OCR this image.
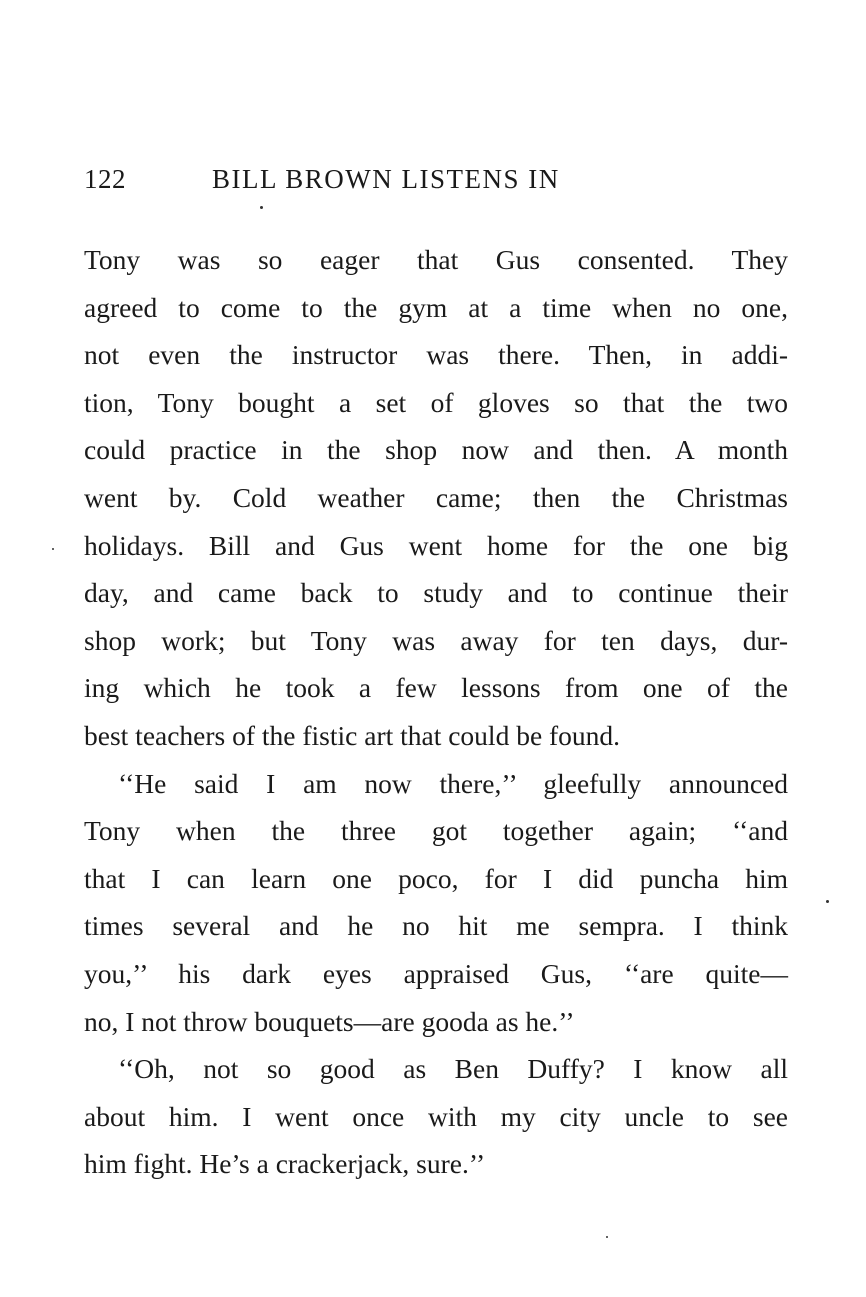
122	BILL BROWN LISTENS IN
Tony was so eager that Gus consented. They
agreed to come to the gym at a time when no one,
not even the instructor was there. Then, in addi-
tion, Tony bought a set of gloves so that the two
could practice in the shop now and then. A month
went by. Cold weather came; then the Christmas
holidays. Bill and Gus went home for the one big
day, and came back to study and to continue their
shop work; but Tony was away for ten days, dur-
ing which he took a few lessons from one of the
best teachers of the fistic art that could be found.
‘‘He said I am now there,’’ gleefully announced
Tony when the three got together again; ‘‘and
that I can learn one poco, for I did puncha him
times several and he no hit me sempra. I think
you,’’ his dark eyes appraised Gus, ‘‘are quite—
no, I not throw bouquets—are gooda as he.’’
‘‘Oh, not so good as Ben Duffy? I know all
about him. I went once with my city uncle to see
him fight. He’s a crackerjack, sure.’’
